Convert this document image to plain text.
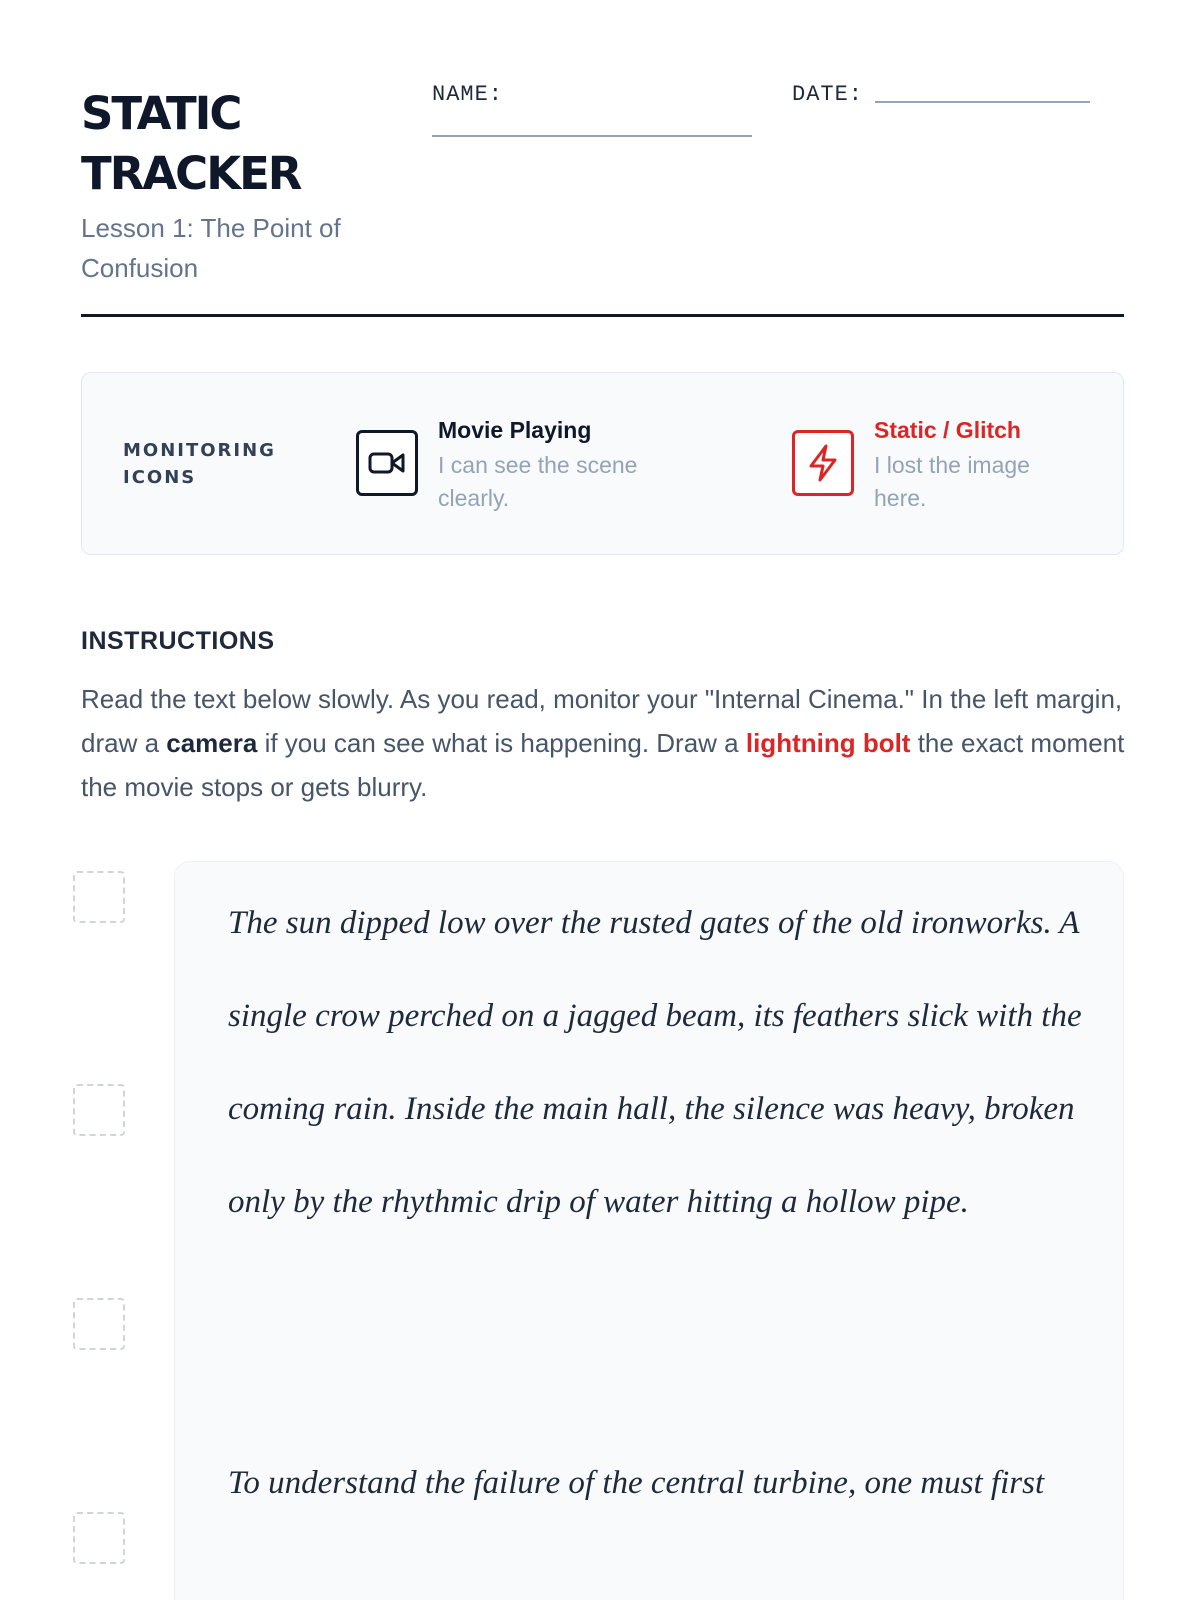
STATIC
TRACKER
Lesson 1: The Point of Confusion
NAME:	DATE:
MONITORING ICONS
Movie Playing
I can see the scene clearly.
Static / Glitch
I lost the image here.
INSTRUCTIONS
Read the text below slowly. As you read, monitor your "Internal Cinema." In the left margin, draw a camera if you can see what is happening. Draw a lightning bolt the exact moment the movie stops or gets blurry.

The sun dipped low over the rusted gates of the old ironworks. A single crow perched on a jagged beam, its feathers slick with the coming rain. Inside the main hall, the silence was heavy, broken only by the rhythmic drip of water hitting a hollow pipe.

To understand the failure of the central turbine, one must first
